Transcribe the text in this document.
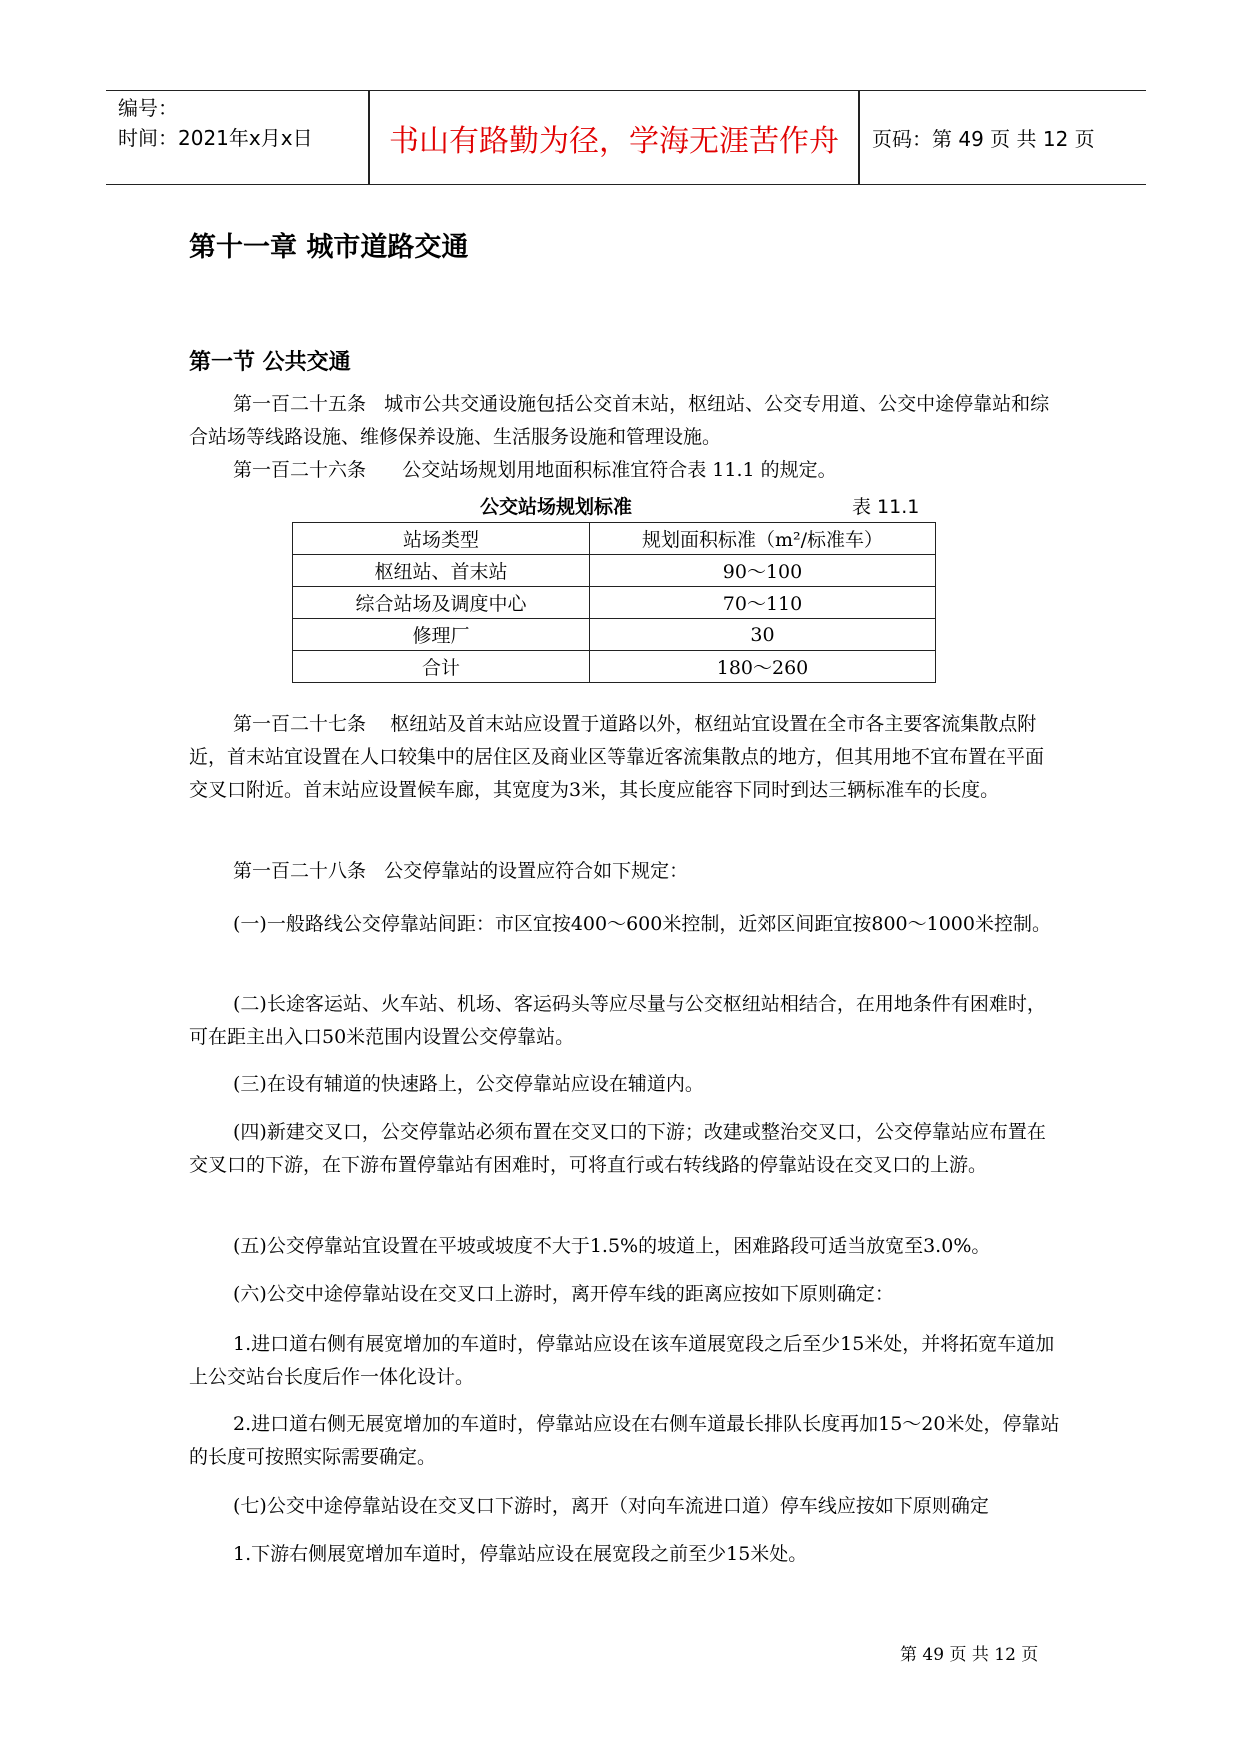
编号：
时间：2021年x月x日	书山有路勤为径，学海无涯苦作舟	页码：第 49 页 共 12 页
第十一章 城市道路交通
第一节 公共交通
第一百二十五条 城市公共交通设施包括公交首末站，枢纽站、公交专用道、公交中途停靠站和综合站场等线路设施、维修保养设施、生活服务设施和管理设施。
第一百二十六条 公交站场规划用地面积标准宜符合表 11.1 的规定。
公交站场规划标准	表 11.1
站场类型	规划面积标准（m²/标准车）
枢纽站、首末站	90～100
综合站场及调度中心	70～110
修理厂	30
合计	180～260
第一百二十七条 枢纽站及首末站应设置于道路以外，枢纽站宜设置在全市各主要客流集散点附近，首末站宜设置在人口较集中的居住区及商业区等靠近客流集散点的地方，但其用地不宜布置在平面交叉口附近。首末站应设置候车廊，其宽度为3米，其长度应能容下同时到达三辆标准车的长度。
第一百二十八条 公交停靠站的设置应符合如下规定：
(一)一般路线公交停靠站间距：市区宜按400～600米控制，近郊区间距宜按800～1000米控制。
(二)长途客运站、火车站、机场、客运码头等应尽量与公交枢纽站相结合，在用地条件有困难时，可在距主出入口50米范围内设置公交停靠站。
(三)在设有辅道的快速路上，公交停靠站应设在辅道内。
(四)新建交叉口，公交停靠站必须布置在交叉口的下游；改建或整治交叉口，公交停靠站应布置在交叉口的下游，在下游布置停靠站有困难时，可将直行或右转线路的停靠站设在交叉口的上游。
(五)公交停靠站宜设置在平坡或坡度不大于1.5%的坡道上，困难路段可适当放宽至3.0%。
(六)公交中途停靠站设在交叉口上游时，离开停车线的距离应按如下原则确定：
1.进口道右侧有展宽增加的车道时，停靠站应设在该车道展宽段之后至少15米处，并将拓宽车道加上公交站台长度后作一体化设计。
2.进口道右侧无展宽增加的车道时，停靠站应设在右侧车道最长排队长度再加15～20米处，停靠站的长度可按照实际需要确定。
(七)公交中途停靠站设在交叉口下游时，离开（对向车流进口道）停车线应按如下原则确定
1.下游右侧展宽增加车道时，停靠站应设在展宽段之前至少15米处。
第 49 页 共 12 页
